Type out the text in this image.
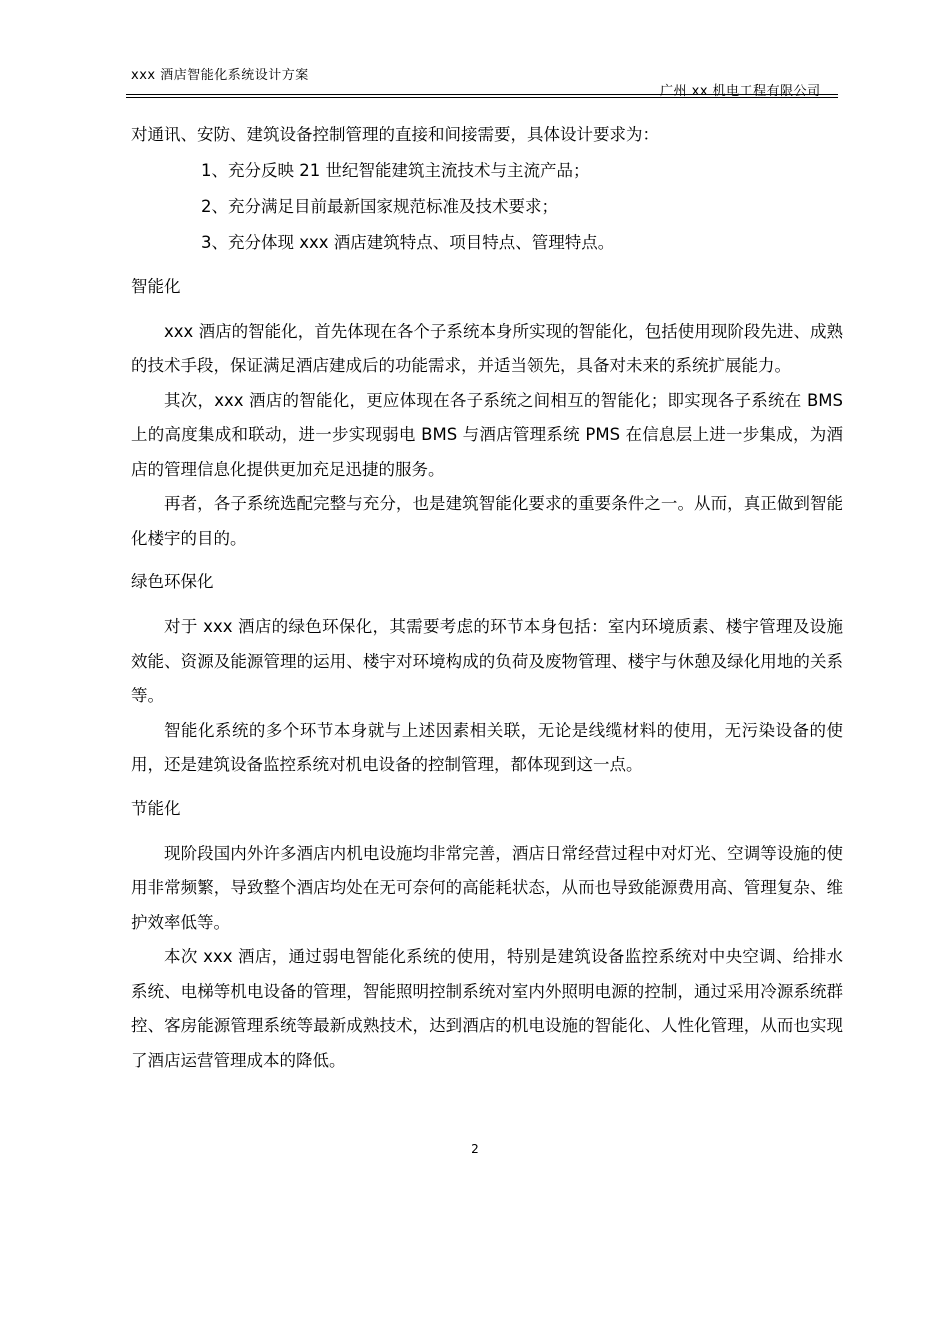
xxx 酒店智能化系统设计方案
广州 xx 机电工程有限公司

对通讯、安防、建筑设备控制管理的直接和间接需要，具体设计要求为：

1、充分反映 21 世纪智能建筑主流技术与主流产品；

2、充分满足目前最新国家规范标准及技术要求；

3、充分体现 xxx 酒店建筑特点、项目特点、管理特点。

智能化

xxx 酒店的智能化，首先体现在各个子系统本身所实现的智能化，包括使用现阶段先进、成熟的技术手段，保证满足酒店建成后的功能需求，并适当领先，具备对未来的系统扩展能力。

其次，xxx 酒店的智能化，更应体现在各子系统之间相互的智能化；即实现各子系统在 BMS 上的高度集成和联动，进一步实现弱电 BMS 与酒店管理系统 PMS 在信息层上进一步集成，为酒店的管理信息化提供更加充足迅捷的服务。

再者，各子系统选配完整与充分，也是建筑智能化要求的重要条件之一。从而，真正做到智能化楼宇的目的。

绿色环保化

对于 xxx 酒店的绿色环保化，其需要考虑的环节本身包括：室内环境质素、楼宇管理及设施效能、资源及能源管理的运用、楼宇对环境构成的负荷及废物管理、楼宇与休憩及绿化用地的关系等。

智能化系统的多个环节本身就与上述因素相关联，无论是线缆材料的使用，无污染设备的使用，还是建筑设备监控系统对机电设备的控制管理，都体现到这一点。

节能化

现阶段国内外许多酒店内机电设施均非常完善，酒店日常经营过程中对灯光、空调等设施的使用非常频繁，导致整个酒店均处在无可奈何的高能耗状态，从而也导致能源费用高、管理复杂、维护效率低等。

本次 xxx 酒店，通过弱电智能化系统的使用，特别是建筑设备监控系统对中央空调、给排水系统、电梯等机电设备的管理，智能照明控制系统对室内外照明电源的控制，通过采用冷源系统群控、客房能源管理系统等最新成熟技术，达到酒店的机电设施的智能化、人性化管理，从而也实现了酒店运营管理成本的降低。

2
